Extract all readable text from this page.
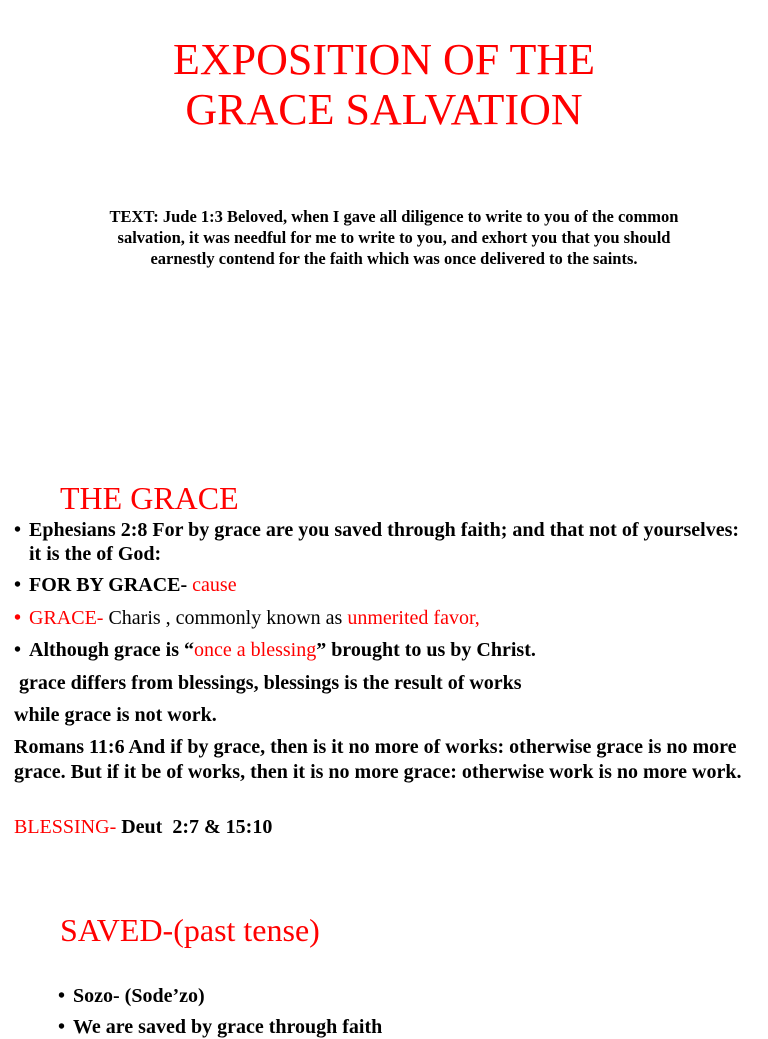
EXPOSITION OF THE
GRACE SALVATION
TEXT: Jude 1:3 Beloved, when I gave all diligence to write to you of the common salvation, it was needful for me to write to you, and exhort you that you should earnestly contend for the faith which was once delivered to the saints.
THE GRACE
• Ephesians 2:8 For by grace are you saved through faith; and that not of yourselves: it is the of God:
• FOR BY GRACE- cause
• GRACE- Charis , commonly known as unmerited favor,
• Although grace is “once a blessing” brought to us by Christ.
grace differs from blessings, blessings is the result of works
while grace is not work.
Romans 11:6 And if by grace, then is it no more of works: otherwise grace is no more grace. But if it be of works, then it is no more grace: otherwise work is no more work.
BLESSING- Deut  2:7 & 15:10
SAVED-(past tense)
• Sozo- (Sode’zo)
• We are saved by grace through faith
